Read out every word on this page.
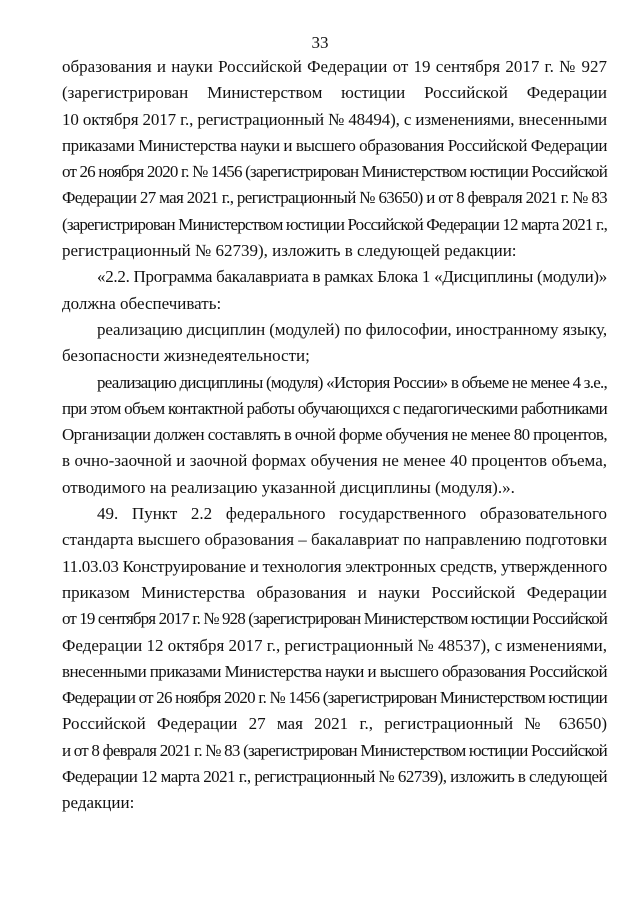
33
образования и науки Российской Федерации от 19 сентября 2017 г. № 927
(зарегистрирован Министерством юстиции Российской Федерации
10 октября 2017 г., регистрационный № 48494), с изменениями, внесенными
приказами Министерства науки и высшего образования Российской Федерации
от 26 ноября 2020 г. № 1456 (зарегистрирован Министерством юстиции Российской
Федерации 27 мая 2021 г., регистрационный № 63650) и от 8 февраля 2021 г. № 83
(зарегистрирован Министерством юстиции Российской Федерации 12 марта 2021 г.,
регистрационный № 62739), изложить в следующей редакции:
«2.2. Программа бакалавриата в рамках Блока 1 «Дисциплины (модули)»
должна обеспечивать:
реализацию дисциплин (модулей) по философии, иностранному языку,
безопасности жизнедеятельности;
реализацию дисциплины (модуля) «История России» в объеме не менее 4 з.е.,
при этом объем контактной работы обучающихся с педагогическими работниками
Организации должен составлять в очной форме обучения не менее 80 процентов,
в очно-заочной и заочной формах обучения не менее 40 процентов объема,
отводимого на реализацию указанной дисциплины (модуля).».
49. Пункт 2.2 федерального государственного образовательного
стандарта высшего образования – бакалавриат по направлению подготовки
11.03.03 Конструирование и технология электронных средств, утвержденного
приказом Министерства образования и науки Российской Федерации
от 19 сентября 2017 г. № 928 (зарегистрирован Министерством юстиции Российской
Федерации 12 октября 2017 г., регистрационный № 48537), с изменениями,
внесенными приказами Министерства науки и высшего образования Российской
Федерации от 26 ноября 2020 г. № 1456 (зарегистрирован Министерством юстиции
Российской Федерации 27 мая 2021 г., регистрационный № 63650)
и от 8 февраля 2021 г. № 83 (зарегистрирован Министерством юстиции Российской
Федерации 12 марта 2021 г., регистрационный № 62739), изложить в следующей
редакции:
